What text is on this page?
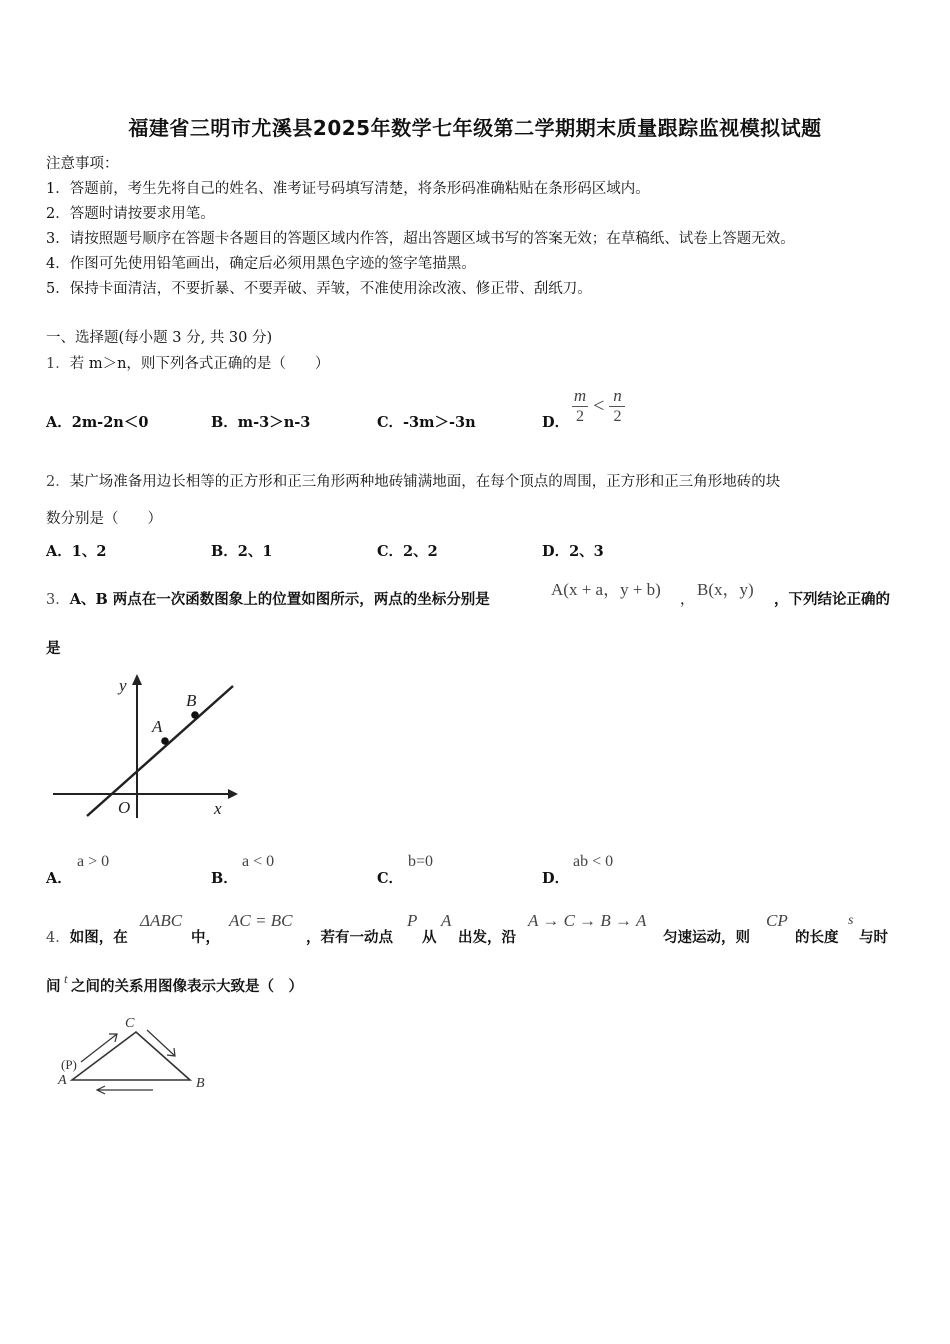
福建省三明市尤溪县2025年数学七年级第二学期期末质量跟踪监视模拟试题
注意事项：
1．答题前，考生先将自己的姓名、准考证号码填写清楚，将条形码准确粘贴在条形码区域内。
2．答题时请按要求用笔。
3．请按照题号顺序在答题卡各题目的答题区域内作答，超出答题区域书写的答案无效；在草稿纸、试卷上答题无效。
4．作图可先使用铅笔画出，确定后必须用黑色字迹的签字笔描黑。
5．保持卡面清洁，不要折暴、不要弄破、弄皱，不准使用涂改液、修正带、刮纸刀。
一、选择题(每小题 3 分, 共 30 分)
1．若 m＞n，则下列各式正确的是（　　）
A．2m-2n＜0	B．m-3＞n-3	C．-3m＞-3n	D． $\frac{m}{2} < \frac{n}{2}$
2．某广场准备用边长相等的正方形和正三角形两种地砖铺满地面，在每个顶点的周围，正方形和正三角形地砖的块
数分别是（　　）
A．1、2	B．2、1	C．2、2	D．2、3
3．A、B 两点在一次函数图象上的位置如图所示，两点的坐标分别是
A(x + a，y + b)
，
B(x，y)
，下列结论正确的
是
y
x
O
A
B
A．
a > 0
B．
a < 0
C．
b=0
D．
ab < 0
4．如图，在
ΔABC
中，
AC = BC
，若有一动点
P
从
A
出发，沿
A → C → B → A
匀速运动，则
CP
的长度
s
与时
间 t 之间的关系用图像表示大致是（　）
C
(P)
A	B
